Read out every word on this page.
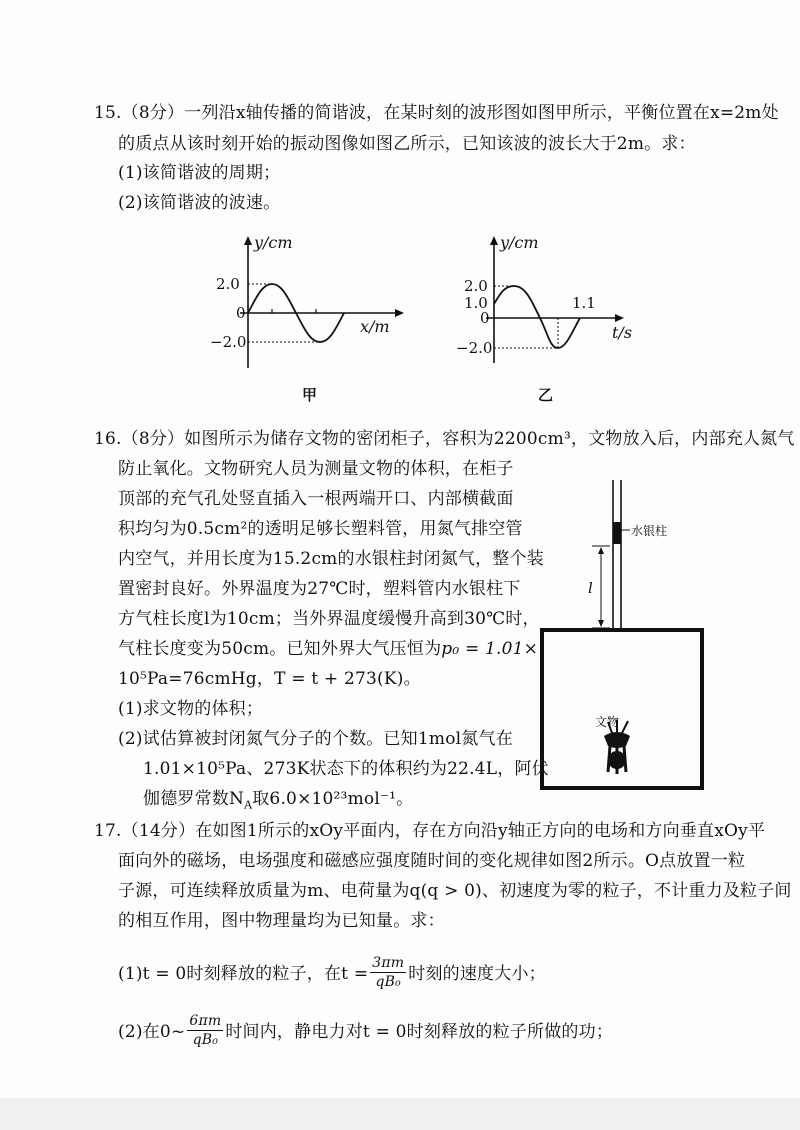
15.（8分）一列沿x轴传播的简谐波，在某时刻的波形图如图甲所示，平衡位置在x=2m处
的质点从该时刻开始的振动图像如图乙所示，已知该波的波长大于2m。求：
(1)该简谐波的周期；
(2)该简谐波的波速。
y/cm
x/m
2.0
0
−2.0
甲
y/cm
t/s
2.0
1.0
0
−2.0
1.1
乙
16.（8分）如图所示为储存文物的密闭柜子，容积为2200cm³，文物放入后，内部充人氮气
防止氧化。文物研究人员为测量文物的体积，在柜子
顶部的充气孔处竖直插入一根两端开口、内部横截面
积均匀为0.5cm²的透明足够长塑料管，用氮气排空管
内空气，并用长度为15.2cm的水银柱封闭氮气，整个装
置密封良好。外界温度为27℃时，塑料管内水银柱下
方气柱长度l为10cm；当外界温度缓慢升高到30℃时，
气柱长度变为50cm。已知外界大气压恒为p₀ = 1.01×
10⁵Pa=76cmHg，T = t + 273(K)。
(1)求文物的体积；
(2)试估算被封闭氮气分子的个数。已知1mol氮气在
1.01×10⁵Pa、273K状态下的体积约为22.4L，阿伏
伽德罗常数$N_A$取6.0×10²³mol⁻¹。
水银柱
l
文物
17.（14分）在如图1所示的xOy平面内，存在方向沿y轴正方向的电场和方向垂直xOy平
面向外的磁场，电场强度和磁感应强度随时间的变化规律如图2所示。O点放置一粒
子源，可连续释放质量为m、电荷量为q(q > 0)、初速度为零的粒子，不计重力及粒子间
的相互作用，图中物理量均为已知量。求：
(1)t = 0时刻释放的粒子，在$t = \frac{3\pi m}{\text{qB₀}}$ 时刻的速度大小；
(2)在0~ $\frac{6\pi m}{\text{qB₀}}$ 时间内，静电力对t = 0时刻释放的粒子所做的功；
